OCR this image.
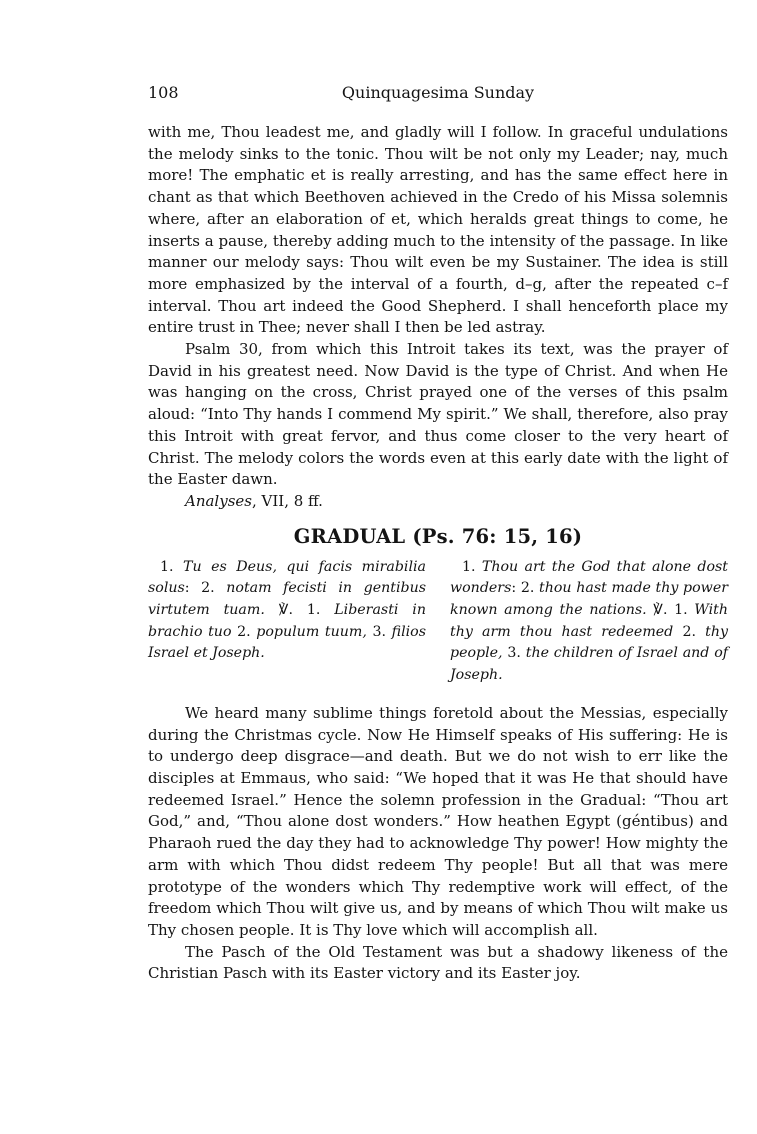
108	Quinquagesima Sunday

with me, Thou leadest me, and gladly will I follow. In graceful undulations the melody sinks to the tonic. Thou wilt be not only my Leader; nay, much more! The emphatic et is really arresting, and has the same effect here in chant as that which Beethoven achieved in the Credo of his Missa solemnis where, after an elaboration of et, which heralds great things to come, he inserts a pause, thereby adding much to the intensity of the passage. In like manner our melody says: Thou wilt even be my Sustainer. The idea is still more emphasized by the interval of a fourth, d–g, after the repeated c–f interval. Thou art indeed the Good Shepherd. I shall henceforth place my entire trust in Thee; never shall I then be led astray.

Psalm 30, from which this Introit takes its text, was the prayer of David in his greatest need. Now David is the type of Christ. And when He was hanging on the cross, Christ prayed one of the verses of this psalm aloud: “Into Thy hands I commend My spirit.” We shall, therefore, also pray this Introit with great fervor, and thus come closer to the very heart of Christ. The melody colors the words even at this early date with the light of the Easter dawn.

Analyses, VII, 8 ff.

GRADUAL (Ps. 76: 15, 16)
1. Tu es Deus, qui facis mirabilia solus: 2. notam fecisti in gentibus virtutem tuam. ℣. 1. Liberasti in brachio tuo 2. populum tuum, 3. filios Israel et Joseph.
1. Thou art the God that alone dost wonders: 2. thou hast made thy power known among the nations. ℣. 1. With thy arm thou hast redeemed 2. thy people, 3. the children of Israel and of Joseph.

We heard many sublime things foretold about the Messias, especially during the Christmas cycle. Now He Himself speaks of His suffering: He is to undergo deep disgrace—and death. But we do not wish to err like the disciples at Emmaus, who said: “We hoped that it was He that should have redeemed Israel.” Hence the solemn profession in the Gradual: “Thou art God,” and, “Thou alone dost wonders.” How heathen Egypt (géntibus) and Pharaoh rued the day they had to acknowledge Thy power! How mighty the arm with which Thou didst redeem Thy people! But all that was mere prototype of the wonders which Thy redemptive work will effect, of the freedom which Thou wilt give us, and by means of which Thou wilt make us Thy chosen people. It is Thy love which will accomplish all.

The Pasch of the Old Testament was but a shadowy likeness of the Christian Pasch with its Easter victory and its Easter joy.
